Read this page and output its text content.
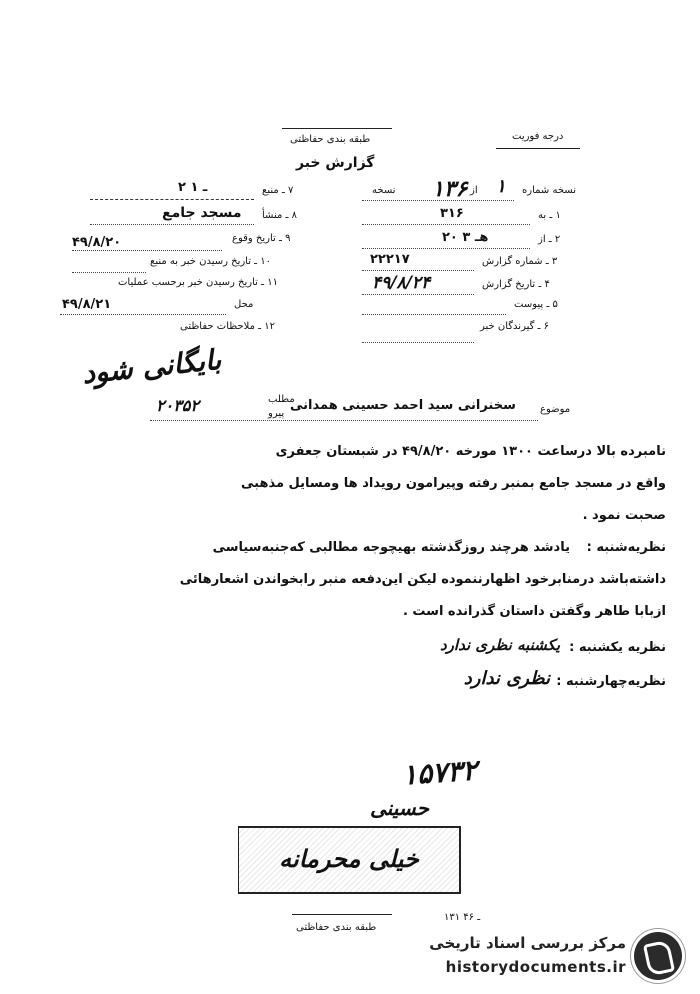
درجه فوریت
طبقه بندی حفاظتی
گزارش خبر
نسخه شماره
۱
از
۱۳۶
نسخه
۱ ـ به
۳۱۶
۲ ـ از
۲۰ هـ ۳
۳ ـ شماره گزارش
۲۲۲۱۷
۴ ـ تاریخ گزارش
۴۹/۸/۲۴
۵ ـ پیوست
۶ ـ گیرندگان خبر
۷ ـ منبع
۲ ـ ۱
۸ ـ منشأ
مسجد جامع
۹ ـ تاریخ وقوع
۴۹/۸/۲۰
۱۰ ـ تاریخ رسیدن خبر به منبع
۱۱ ـ تاریخ رسیدن خبر برحسب عملیات
محل
۴۹/۸/۲۱
۱۲ ـ ملاحظات حفاظتی
بایگانی شود
موضوع
سخنرانی سید احمد حسینی همدانی
مطلب
پیرو
۲۰۳۵۲
نامبرده بالا درساعت ۱۳۰۰ مورخه ۴۹/۸/۲۰ در شبستان جعفری
واقع در مسجد جامع بمنبر رفته وپیرامون رویداد ها ومسایل مذهبی
صحبت نمود .
نظریه‌شنبه :
یادشد هرچند روزگذشته بهیچوجه مطالبی که‌جنبه‌سیاسی
داشته‌باشد درمنابرخود اظهارننموده لیکن این‌دفعه منبر رابخواندن اشعارهائی
ازبابا طاهر وگفتن داستان گذرانده است .
نظریه یکشنبه :
یکشنبه نظری ندارد
نظریه‌چهارشنبه :
نظری ندارد
۱۵۷۳۲
حسینی
خیلی محرمانه
۱۳۱ ـ ۴۶
طبقه بندی حفاظتی
مرکز بررسی اسناد تاریخی
historydocuments.ir
